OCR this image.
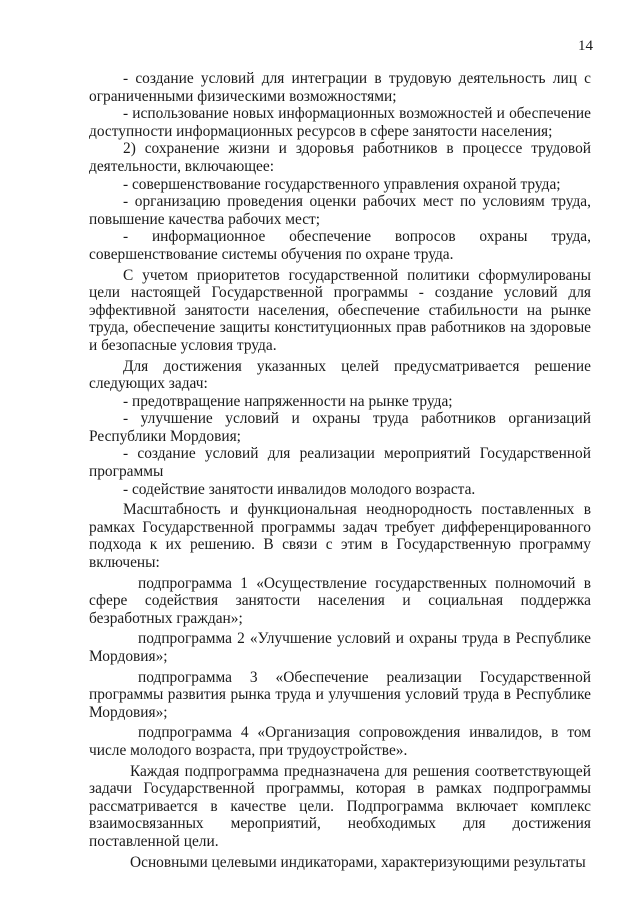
14

- создание условий для интеграции в трудовую деятельность лиц с ограниченными физическими возможностями;

- использование новых информационных возможностей и обеспечение доступности информационных ресурсов в сфере занятости населения;

2) сохранение жизни и здоровья работников в процессе трудовой деятельности, включающее:

- совершенствование государственного управления охраной труда;

- организацию проведения оценки рабочих мест по условиям труда, повышение качества рабочих мест;

- информационное обеспечение вопросов охраны труда, совершенствование системы обучения по охране труда.

С учетом приоритетов государственной политики сформулированы цели настоящей Государственной программы - создание условий для эффективной занятости населения, обеспечение стабильности на рынке труда, обеспечение защиты конституционных прав работников на здоровые и безопасные условия труда.

Для достижения указанных целей предусматривается решение следующих задач:

- предотвращение напряженности на рынке труда;

- улучшение условий и охраны труда работников организаций Республики Мордовия;

- создание условий для реализации мероприятий Государственной программы

- содействие занятости инвалидов молодого возраста.

Масштабность и функциональная неоднородность поставленных в рамках Государственной программы задач требует дифференцированного подхода к их решению. В связи с этим в Государственную программу включены:

подпрограмма 1 «Осуществление государственных полномочий в сфере содействия занятости населения и социальная поддержка безработных граждан»;

подпрограмма 2 «Улучшение условий и охраны труда в Республике Мордовия»;

подпрограмма 3 «Обеспечение реализации Государственной программы развития рынка труда и улучшения условий труда в Республике Мордовия»;

подпрограмма 4 «Организация сопровождения инвалидов, в том числе молодого возраста, при трудоустройстве».

Каждая подпрограмма предназначена для решения соответствующей задачи Государственной программы, которая в рамках подпрограммы рассматривается в качестве цели. Подпрограмма включает комплекс взаимосвязанных мероприятий, необходимых для достижения поставленной цели.

Основными целевыми индикаторами, характеризующими результаты
